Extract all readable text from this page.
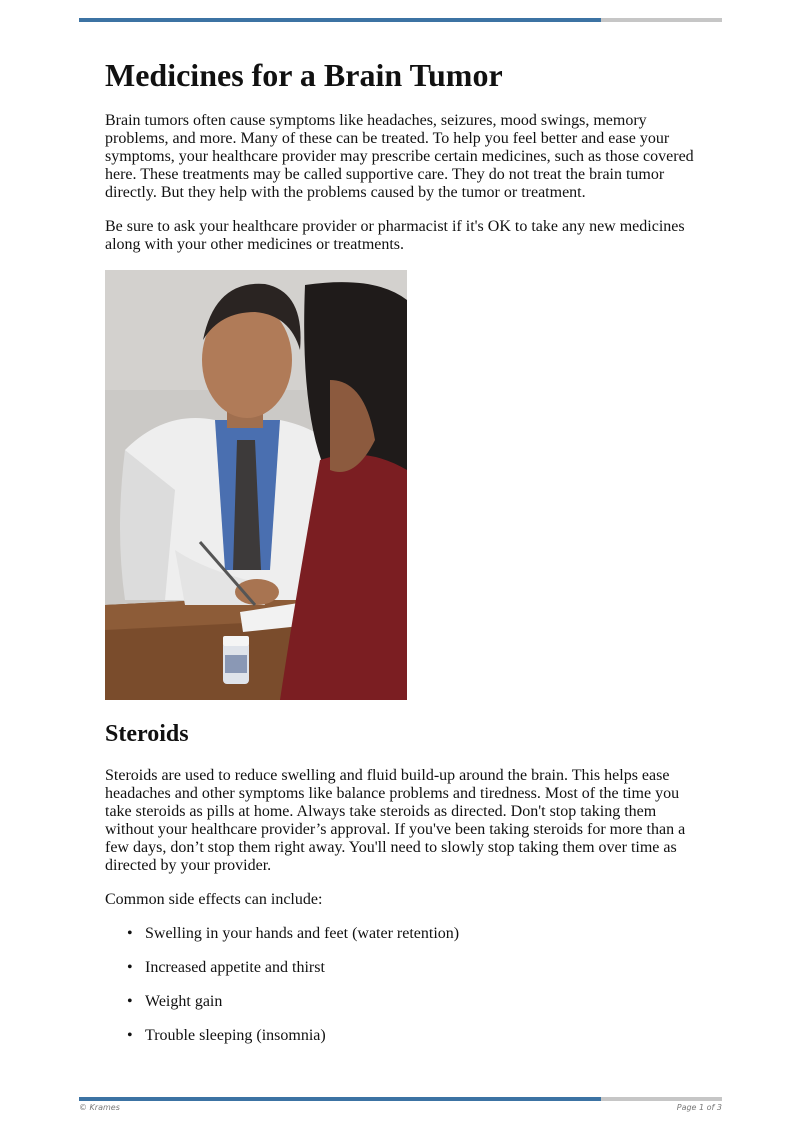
Medicines for a Brain Tumor

Brain tumors often cause symptoms like headaches, seizures, mood swings, memory problems, and more. Many of these can be treated. To help you feel better and ease your symptoms, your healthcare provider may prescribe certain medicines, such as those covered here. These treatments may be called supportive care. They do not treat the brain tumor directly. But they help with the problems caused by the tumor or treatment.

Be sure to ask your healthcare provider or pharmacist if it's OK to take any new medicines along with your other medicines or treatments.

Steroids

Steroids are used to reduce swelling and fluid build-up around the brain. This helps ease headaches and other symptoms like balance problems and tiredness. Most of the time you take steroids as pills at home. Always take steroids as directed. Don't stop taking them without your healthcare provider’s approval. If you've been taking steroids for more than a few days, don’t stop them right away. You'll need to slowly stop taking them over time as directed by your provider.

Common side effects can include:

• Swelling in your hands and feet (water retention)
• Increased appetite and thirst
• Weight gain
• Trouble sleeping (insomnia)
© Krames	Page 1 of 3
